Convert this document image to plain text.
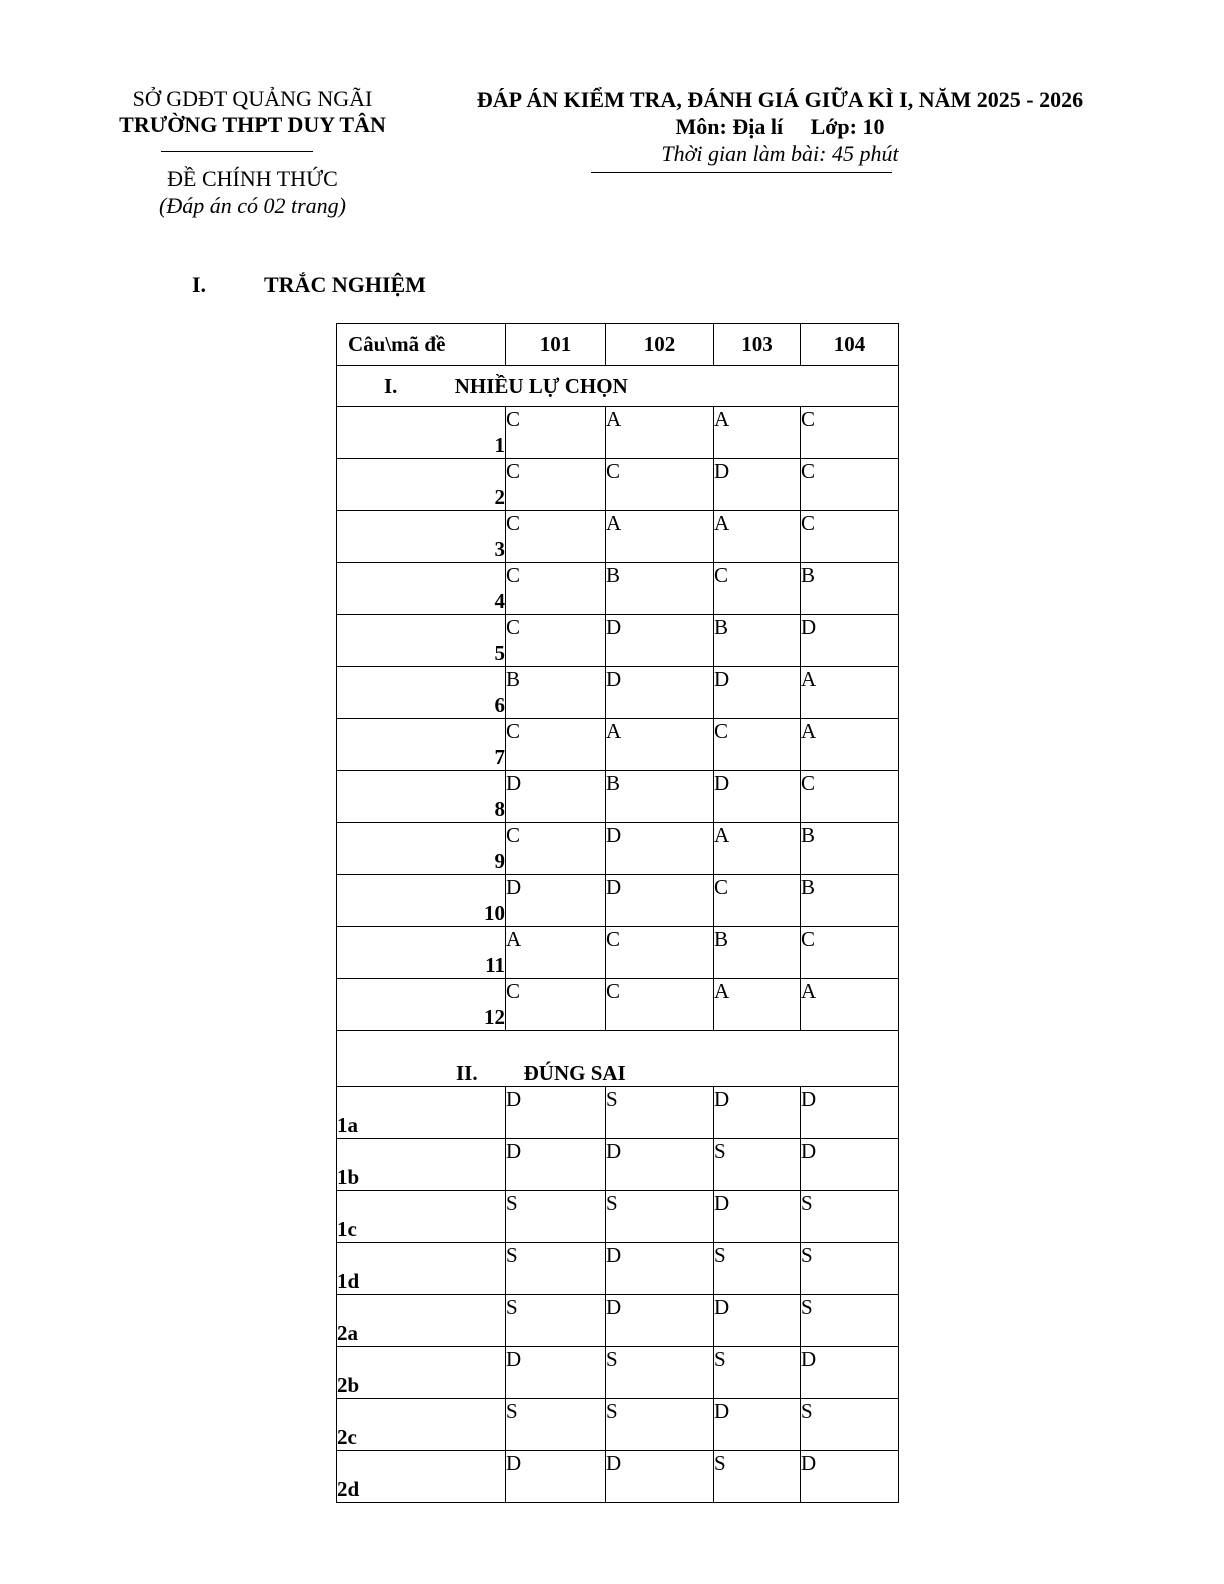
SỞ GDĐT QUẢNG NGÃI
TRƯỜNG THPT DUY TÂN
ĐỀ CHÍNH THỨC
(Đáp án có 02 trang)
ĐÁP ÁN KIỂM TRA, ĐÁNH GIÁ GIỮA KÌ I, NĂM 2025 - 2026
Môn: Địa lí Lớp: 10
Thời gian làm bài: 45 phút
I.	TRẮC NGHIỆM
Câu\mã đề	101	102	103	104
I. NHIỀU LỰ CHỌN				
1	C	A	A	C
2	C	C	D	C
3	C	A	A	C
4	C	B	C	B
5	C	D	B	D
6	B	D	D	A
7	C	A	C	A
8	D	B	D	C
9	C	D	A	B
10	D	D	C	B
11	A	C	B	C
12	C	C	A	A
II. ĐÚNG SAI				
1a	D	S	D	D
1b	D	D	S	D
1c	S	S	D	S
1d	S	D	S	S
2a	S	D	D	S
2b	D	S	S	D
2c	S	S	D	S
2d	D	D	S	D
